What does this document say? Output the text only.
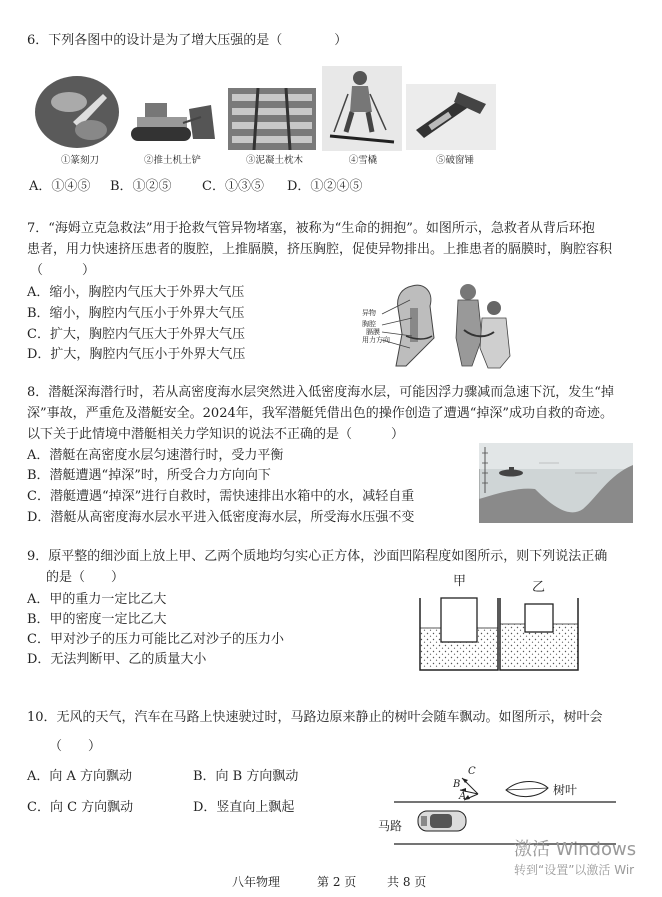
6．下列各图中的设计是为了增大压强的是（　　　　）
①篆刻刀	②推土机土铲	③泥凝土枕木	④雪橇	⑤破窗锤
A．①④⑤ B．①②⑤ C．①③⑤ D．①②④⑤
7．“海姆立克急救法”用于抢救气管异物堵塞，被称为“生命的拥抱”。如图所示，急救者从背后环抱
患者，用力快速挤压患者的腹腔，上推膈膜，挤压胸腔，促使异物排出。上推患者的膈膜时，胸腔容积
（　　　）
A．缩小，胸腔内气压大于外界大气压
B．缩小，胸腔内气压小于外界大气压
C．扩大，胸腔内气压大于外界大气压
D．扩大，胸腔内气压小于外界大气压
异物
胸腔
膈膜
用力方向
8．潜艇深海潜行时，若从高密度海水层突然进入低密度海水层，可能因浮力骤减而急速下沉，发生“掉
深”事故，严重危及潜艇安全。2024年，我军潜艇凭借出色的操作创造了遭遇“掉深”成功自救的奇迹。
以下关于此情境中潜艇相关力学知识的说法不正确的是（　　　）
A．潜艇在高密度水层匀速潜行时，受力平衡
B．潜艇遭遇“掉深”时，所受合力方向向下
C．潜艇遭遇“掉深”进行自救时，需快速排出水箱中的水，减轻自重
D．潜艇从高密度海水层水平进入低密度海水层，所受海水压强不变
9．原平整的细沙面上放上甲、乙两个质地均匀实心正方体，沙面凹陷程度如图所示，则下列说法正确
的是（　　）
A．甲的重力一定比乙大
B．甲的密度一定比乙大
C．甲对沙子的压力可能比乙对沙子的压力小
D．无法判断甲、乙的质量大小
甲	乙
10．无风的天气，汽车在马路上快速驶过时，马路边原来静止的树叶会随车飘动。如图所示，树叶会
（　　）
A．向 A 方向飘动	B．向 B 方向飘动
C．向 C 方向飘动	D．竖直向上飘起
C
B
A	树叶
马路
八年物理	第 2 页	共 8 页
激活 Windows
转到“设置”以激活 Wir
